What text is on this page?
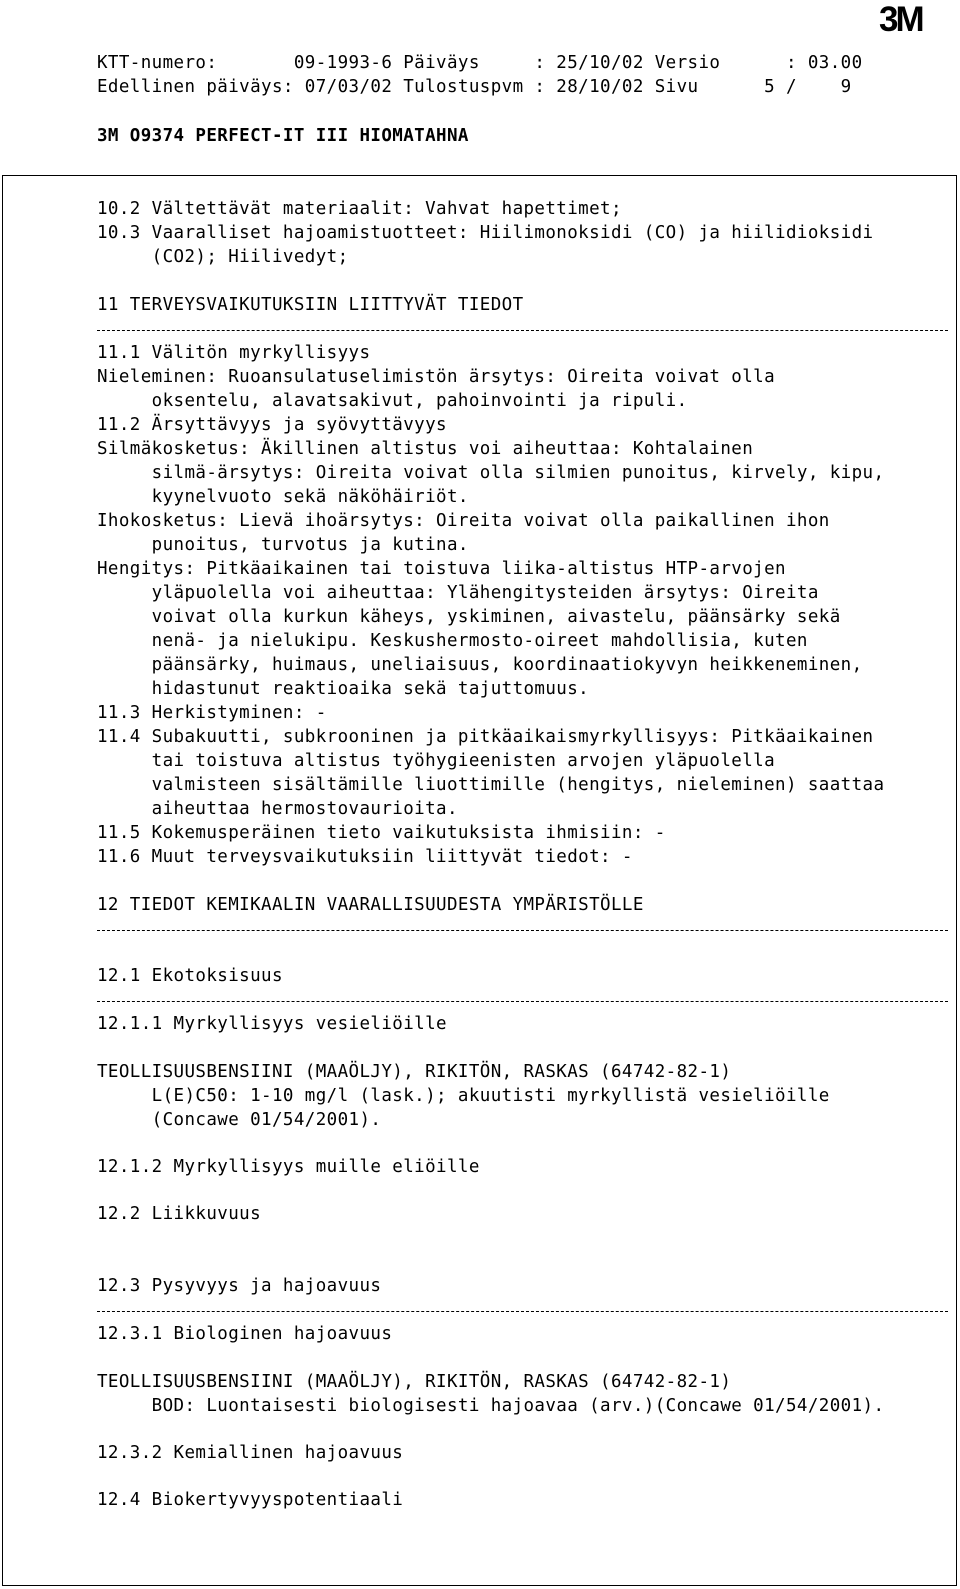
3M
KTT-numero:       09-1993-6 Päiväys     : 25/10/02 Versio      : 03.00
Edellinen päiväys: 07/03/02 Tulostuspvm : 28/10/02 Sivu      5 /    9
3M O9374 PERFECT-IT III HIOMATAHNA
10.2 Vältettävät materiaalit: Vahvat hapettimet;
10.3 Vaaralliset hajoamistuotteet: Hiilimonoksidi (CO) ja hiilidioksidi
(CO2); Hiilivedyt;
11 TERVEYSVAIKUTUKSIIN LIITTYVÄT TIEDOT
11.1 Välitön myrkyllisyys
Nieleminen: Ruoansulatuselimistön ärsytys: Oireita voivat olla
oksentelu, alavatsakivut, pahoinvointi ja ripuli.
11.2 Ärsyttävyys ja syövyttävyys
Silmäkosketus: Äkillinen altistus voi aiheuttaa: Kohtalainen
silmä-ärsytys: Oireita voivat olla silmien punoitus, kirvely, kipu,
kyynelvuoto sekä näköhäiriöt.
Ihokosketus: Lievä ihoärsytys: Oireita voivat olla paikallinen ihon
punoitus, turvotus ja kutina.
Hengitys: Pitkäaikainen tai toistuva liika-altistus HTP-arvojen
yläpuolella voi aiheuttaa: Ylähengitysteiden ärsytys: Oireita
voivat olla kurkun käheys, yskiminen, aivastelu, päänsärky sekä
nenä- ja nielukipu. Keskushermosto-oireet mahdollisia, kuten
päänsärky, huimaus, uneliaisuus, koordinaatiokyvyn heikkeneminen,
hidastunut reaktioaika sekä tajuttomuus.
11.3 Herkistyminen: -
11.4 Subakuutti, subkrooninen ja pitkäaikaismyrkyllisyys: Pitkäaikainen
tai toistuva altistus työhygieenisten arvojen yläpuolella
valmisteen sisältämille liuottimille (hengitys, nieleminen) saattaa
aiheuttaa hermostovaurioita.
11.5 Kokemusperäinen tieto vaikutuksista ihmisiin: -
11.6 Muut terveysvaikutuksiin liittyvät tiedot: -
12 TIEDOT KEMIKAALIN VAARALLISUUDESTA YMPÄRISTÖLLE
12.1 Ekotoksisuus
12.1.1 Myrkyllisyys vesieliöille
TEOLLISUUSBENSIINI (MAAÖLJY), RIKITÖN, RASKAS (64742-82-1)
L(E)C50: 1-10 mg/l (lask.); akuutisti myrkyllistä vesieliöille
(Concawe 01/54/2001).
12.1.2 Myrkyllisyys muille eliöille
12.2 Liikkuvuus
12.3 Pysyvyys ja hajoavuus
12.3.1 Biologinen hajoavuus
TEOLLISUUSBENSIINI (MAAÖLJY), RIKITÖN, RASKAS (64742-82-1)
BOD: Luontaisesti biologisesti hajoavaa (arv.)(Concawe 01/54/2001).
12.3.2 Kemiallinen hajoavuus
12.4 Biokertyvyyspotentiaali
